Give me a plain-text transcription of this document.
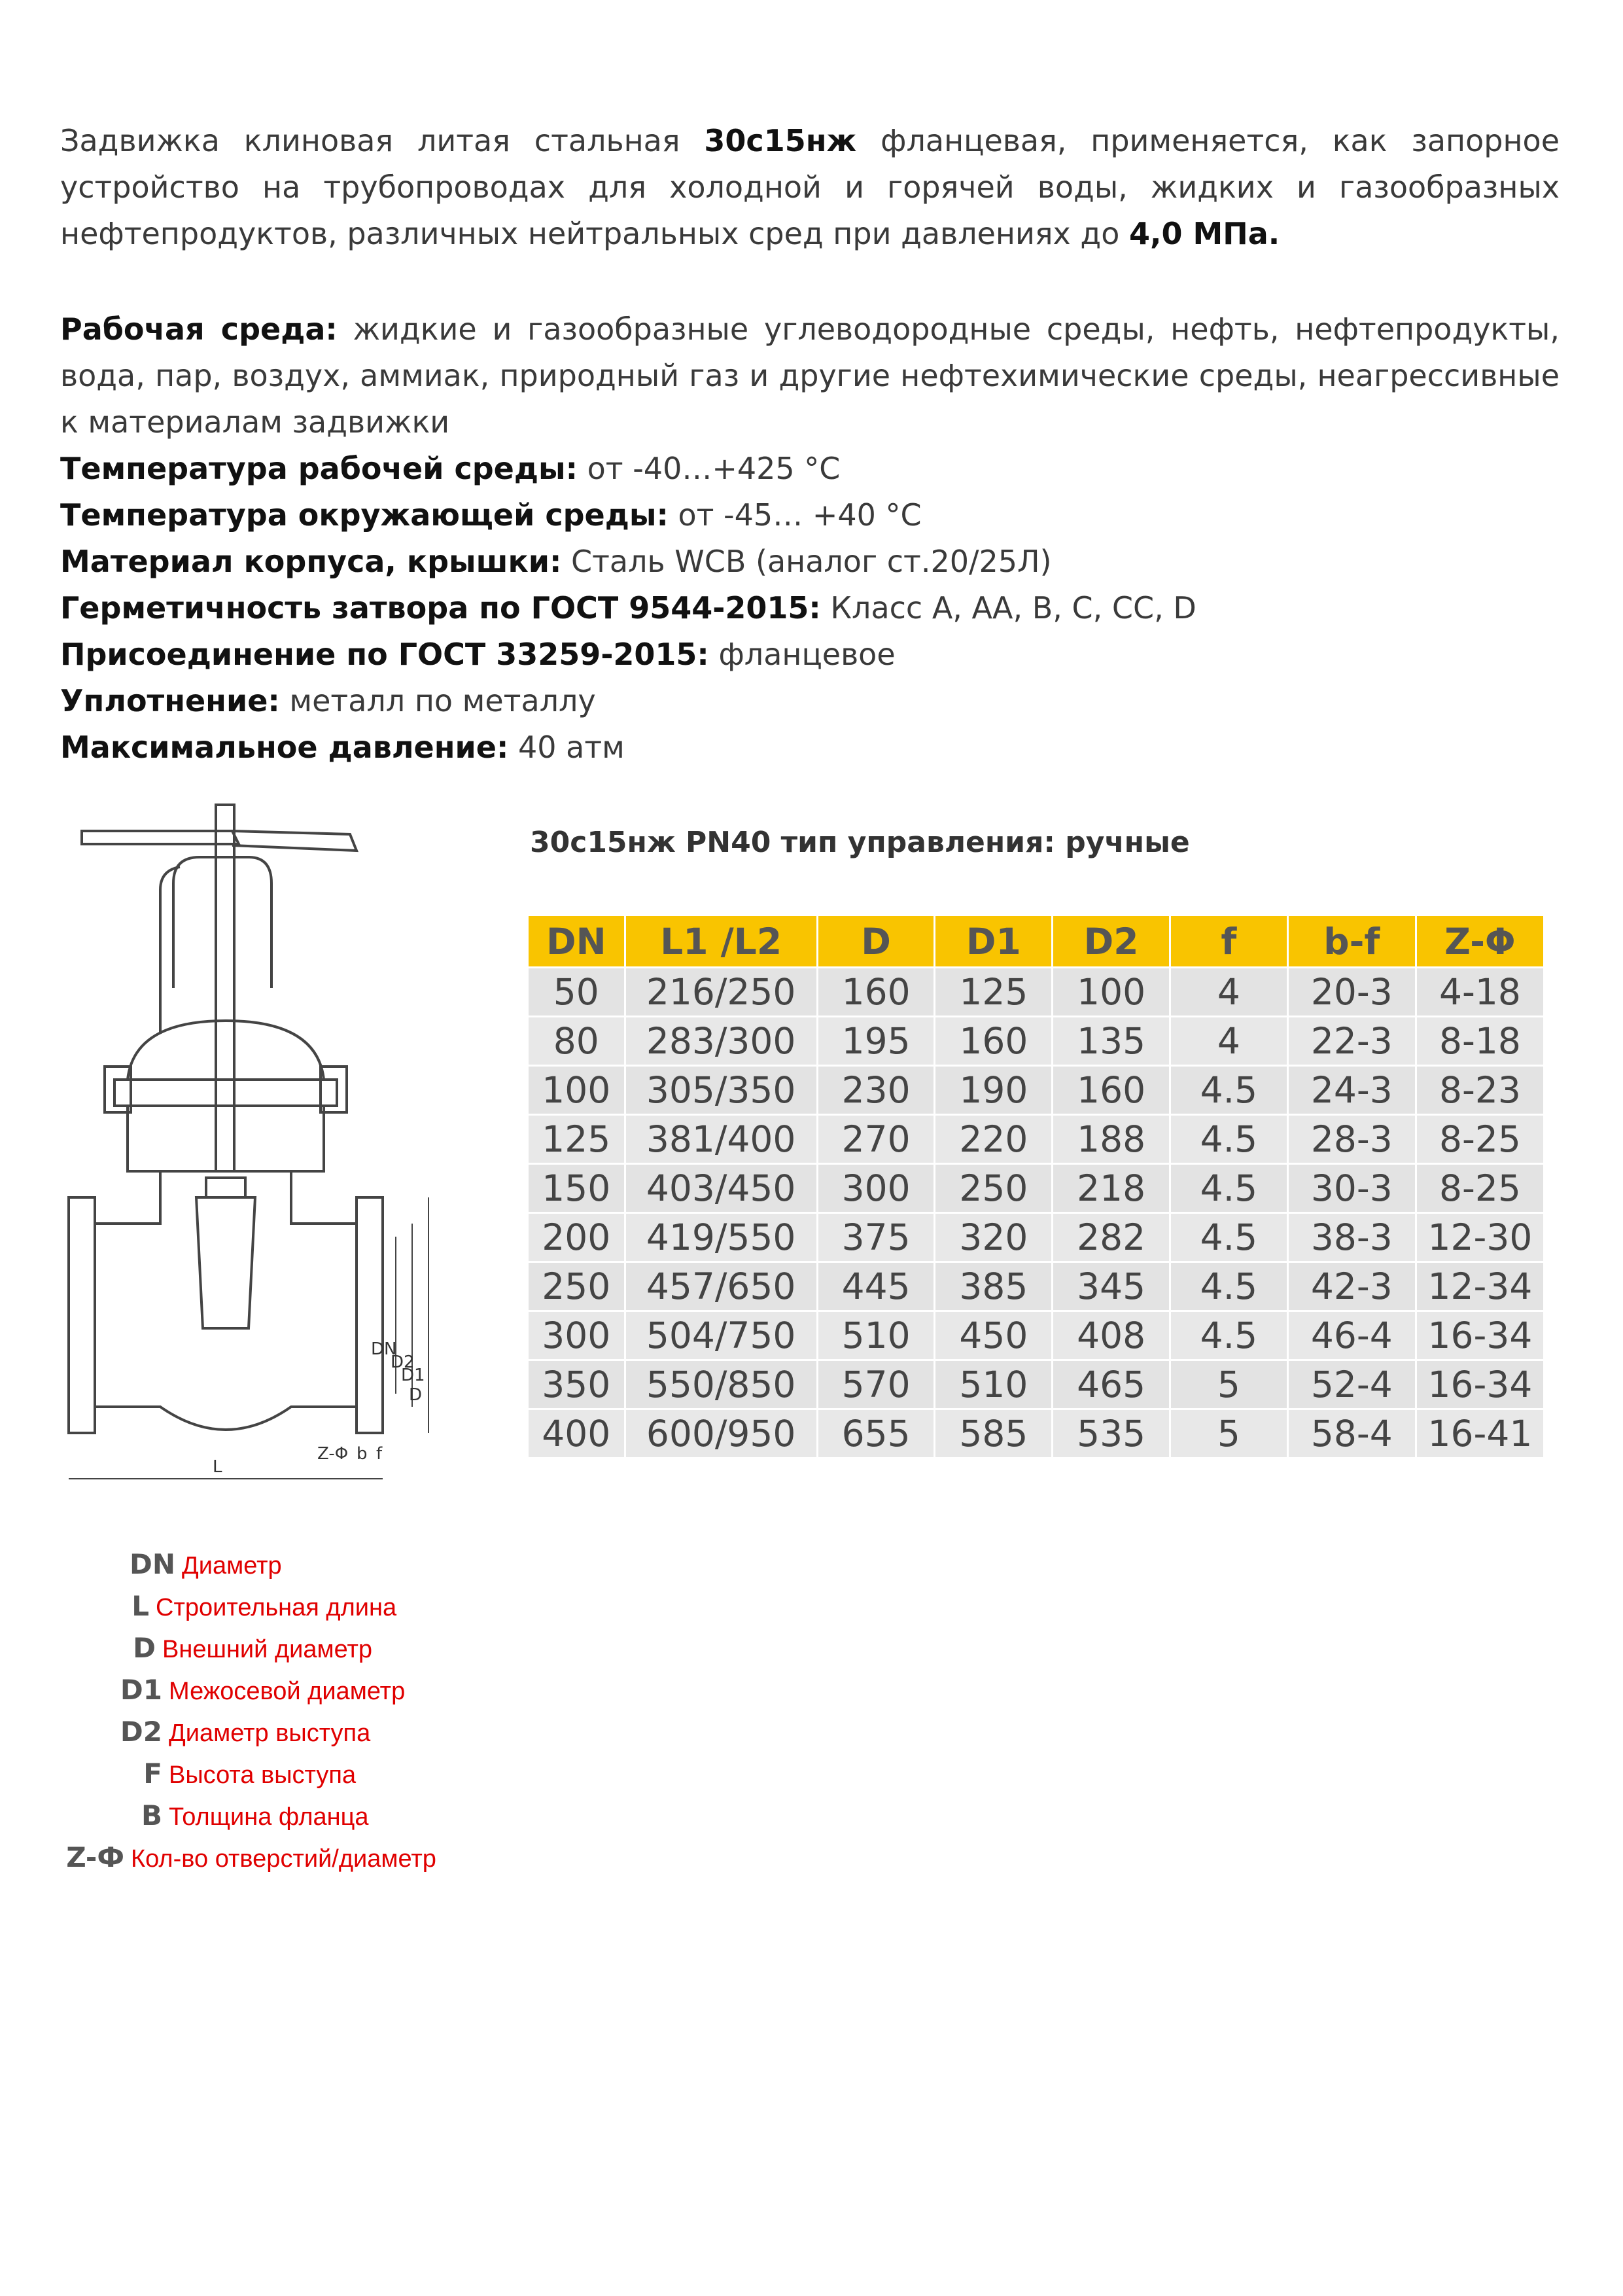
Задвижка клиновая литая стальная 30с15нж фланцевая, применяется, как запорное устройство на трубопроводах для холодной и горячей воды, жидких и газообразных нефтепродуктов, различных нейтральных сред при давлениях до 4,0 МПа.
Рабочая среда: жидкие и газообразные углеводородные среды, нефть, нефтепродукты, вода, пар, воздух, аммиак, природный газ и другие нефтехимические среды, неагрессивные к материалам задвижки
Температура рабочей среды: от -40…+425 °С
Температура окружающей среды: от -45… +40 °С
Материал корпуса, крышки: Сталь WCB (аналог ст.20/25Л)
Герметичность затвора по ГОСТ 9544-2015: Класс А, АА, В, С, СС, D
Присоединение по ГОСТ 33259-2015: фланцевое
Уплотнение: металл по металлу
Максимальное давление: 40 атм
L
DN
D2
D1
D
Z-Φ b f
30с15нж PN40 тип управления: ручные
DN	L1 /L2	D	D1	D2	f	b-f	Z-Φ
50	216/250	160	125	100	4	20-3	4-18
80	283/300	195	160	135	4	22-3	8-18
100	305/350	230	190	160	4.5	24-3	8-23
125	381/400	270	220	188	4.5	28-3	8-25
150	403/450	300	250	218	4.5	30-3	8-25
200	419/550	375	320	282	4.5	38-3	12-30
250	457/650	445	385	345	4.5	42-3	12-34
300	504/750	510	450	408	4.5	46-4	16-34
350	550/850	570	510	465	5	52-4	16-34
400	600/950	655	585	535	5	58-4	16-41
DN Диаметр
L Строительная длина
D Внешний диаметр
D1 Межосевой диаметр
D2 Диаметр выступа
F Высота выступа
B Толщина фланца
Z-Ф Кол-во отверстий/диаметр
